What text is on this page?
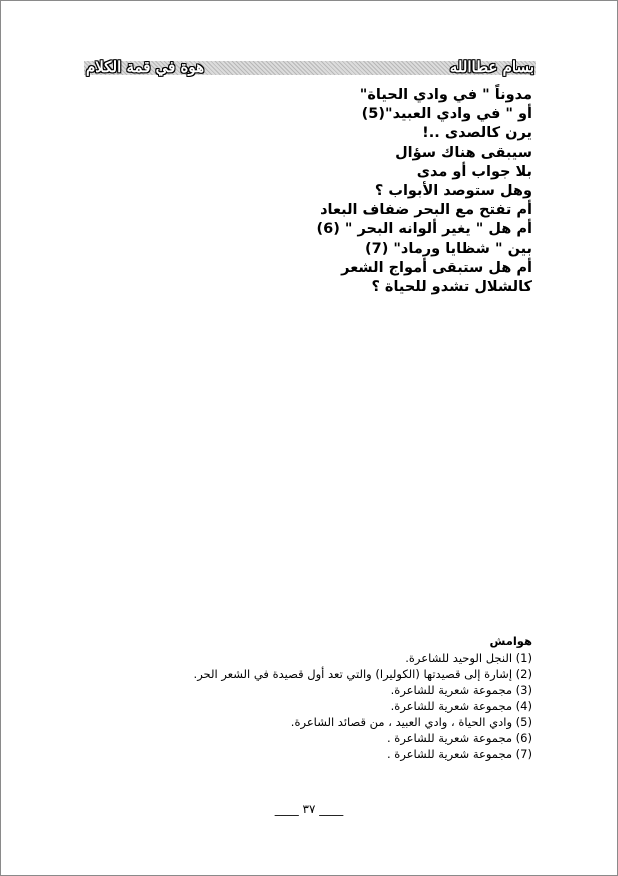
هوة في قمة الكلام	بسام عطاالله
مدوناً " في وادي الحياة"
أو " في وادي العبيد"(5)
يرن كالصدى ..!
سيبقى هناك سؤال
بلا جواب أو مدى
وهل ستوصد الأبواب ؟
أم تفتح مع البحر ضفاف البعاد
أم هل " يغير ألوانه البحر " (6)
بين " شظايا ورماد" (7)
أم هل ستبقى أمواج الشعر
كالشلال تشدو للحياة ؟
هوامش
(1) النجل الوحيد للشاعرة.
(2) إشارة إلى قصيدتها (الكوليرا) والتي تعد أول قصيدة في الشعر الحر.
(3) مجموعة شعرية للشاعرة.
(4) مجموعة شعرية للشاعرة.
(5) وادي الحياة ، وادي العبيد ، من قصائد الشاعرة.
(6) مجموعة شعرية للشاعرة .
(7) مجموعة شعرية للشاعرة .
____ ٣٧ ____
